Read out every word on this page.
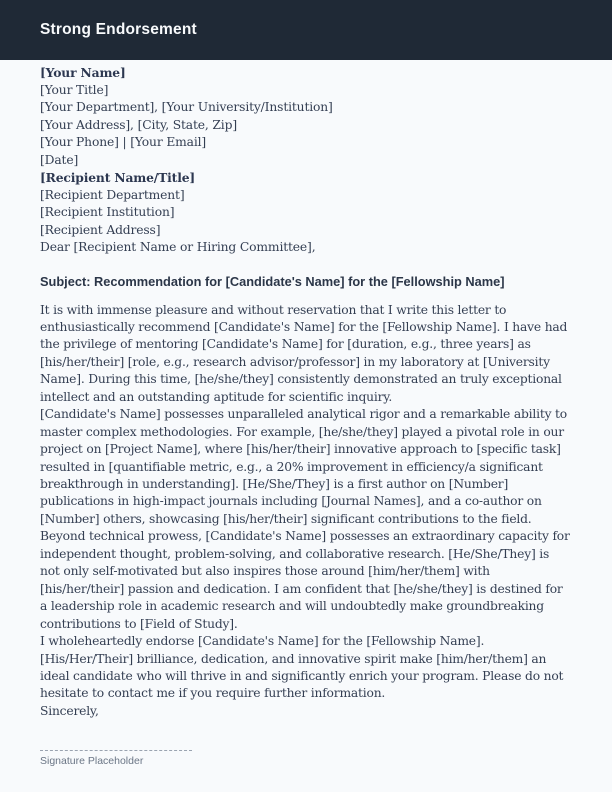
Strong Endorsement

[Your Name]

[Your Title]

[Your Department], [Your University/Institution]

[Your Address], [City, State, Zip]

[Your Phone] | [Your Email]

[Date]

[Recipient Name/Title]

[Recipient Department]

[Recipient Institution]

[Recipient Address]

Dear [Recipient Name or Hiring Committee],

Subject: Recommendation for [Candidate's Name] for the [Fellowship Name]

It is with immense pleasure and without reservation that I write this letter to enthusiastically recommend [Candidate's Name] for the [Fellowship Name]. I have had the privilege of mentoring [Candidate's Name] for [duration, e.g., three years] as [his/her/their] [role, e.g., research advisor/professor] in my laboratory at [University Name]. During this time, [he/she/they] consistently demonstrated an truly exceptional intellect and an outstanding aptitude for scientific inquiry.

[Candidate's Name] possesses unparalleled analytical rigor and a remarkable ability to master complex methodologies. For example, [he/she/they] played a pivotal role in our project on [Project Name], where [his/her/their] innovative approach to [specific task] resulted in [quantifiable metric, e.g., a 20% improvement in efficiency/a significant breakthrough in understanding]. [He/She/They] is a first author on [Number] publications in high-impact journals including [Journal Names], and a co-author on [Number] others, showcasing [his/her/their] significant contributions to the field.

Beyond technical prowess, [Candidate's Name] possesses an extraordinary capacity for independent thought, problem-solving, and collaborative research. [He/She/They] is not only self-motivated but also inspires those around [him/her/them] with [his/her/their] passion and dedication. I am confident that [he/she/they] is destined for a leadership role in academic research and will undoubtedly make groundbreaking contributions to [Field of Study].

I wholeheartedly endorse [Candidate's Name] for the [Fellowship Name]. [His/Her/Their] brilliance, dedication, and innovative spirit make [him/her/them] an ideal candidate who will thrive in and significantly enrich your program. Please do not hesitate to contact me if you require further information.

Sincerely,

Signature Placeholder
